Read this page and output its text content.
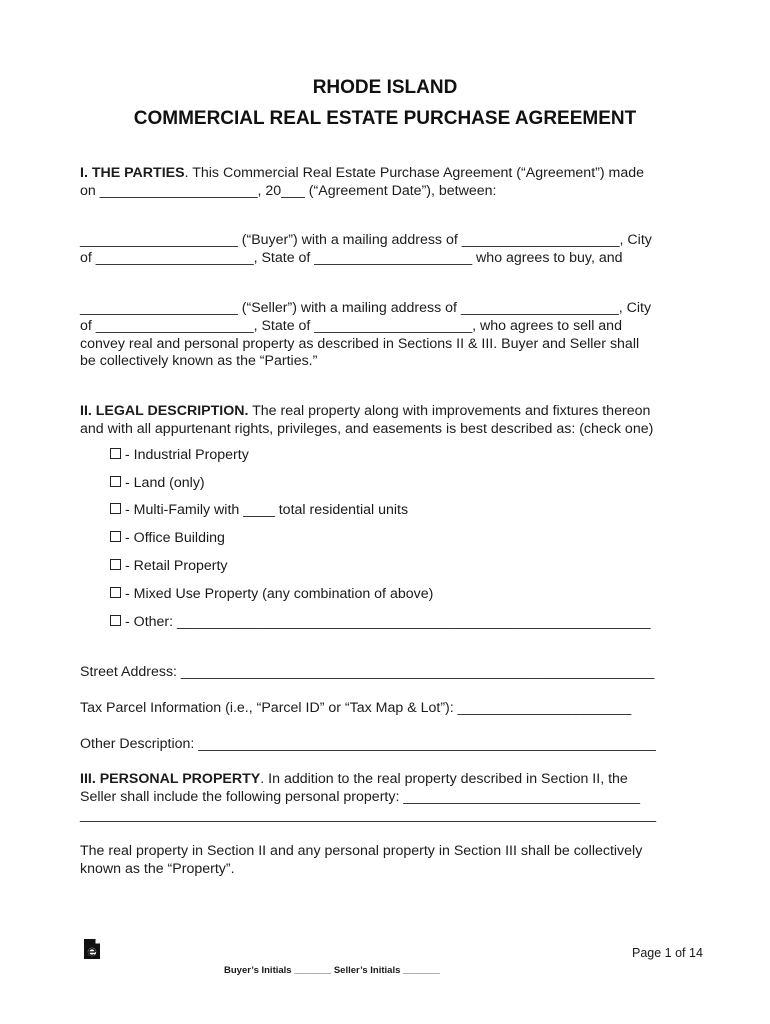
RHODE ISLAND
COMMERCIAL REAL ESTATE PURCHASE AGREEMENT
I. THE PARTIES. This Commercial Real Estate Purchase Agreement (“Agreement”) made
on ____________________, 20___ (“Agreement Date”), between:
____________________ (“Buyer”) with a mailing address of ____________________, City
of ____________________, State of ____________________ who agrees to buy, and
____________________ (“Seller”) with a mailing address of ____________________, City
of ____________________, State of ____________________, who agrees to sell and
convey real and personal property as described in Sections II & III. Buyer and Seller shall
be collectively known as the “Parties.”
II. LEGAL DESCRIPTION. The real property along with improvements and fixtures thereon
and with all appurtenant rights, privileges, and easements is best described as: (check one)
- Industrial Property
- Land (only)
- Multi-Family with ____ total residential units
- Office Building
- Retail Property
- Mixed Use Property (any combination of above)
- Other: ____________________________________________________________
Street Address: ____________________________________________________________
Tax Parcel Information (i.e., “Parcel ID” or “Tax Map & Lot”): ______________________
Other Description: __________________________________________________________
III. PERSONAL PROPERTY. In addition to the real property described in Section II, the
Seller shall include the following personal property: ______________________________
_________________________________________________________________________
The real property in Section II and any personal property in Section III shall be collectively
known as the “Property”.
Page 1 of 14
Buyer’s Initials _______ Seller’s Initials _______
